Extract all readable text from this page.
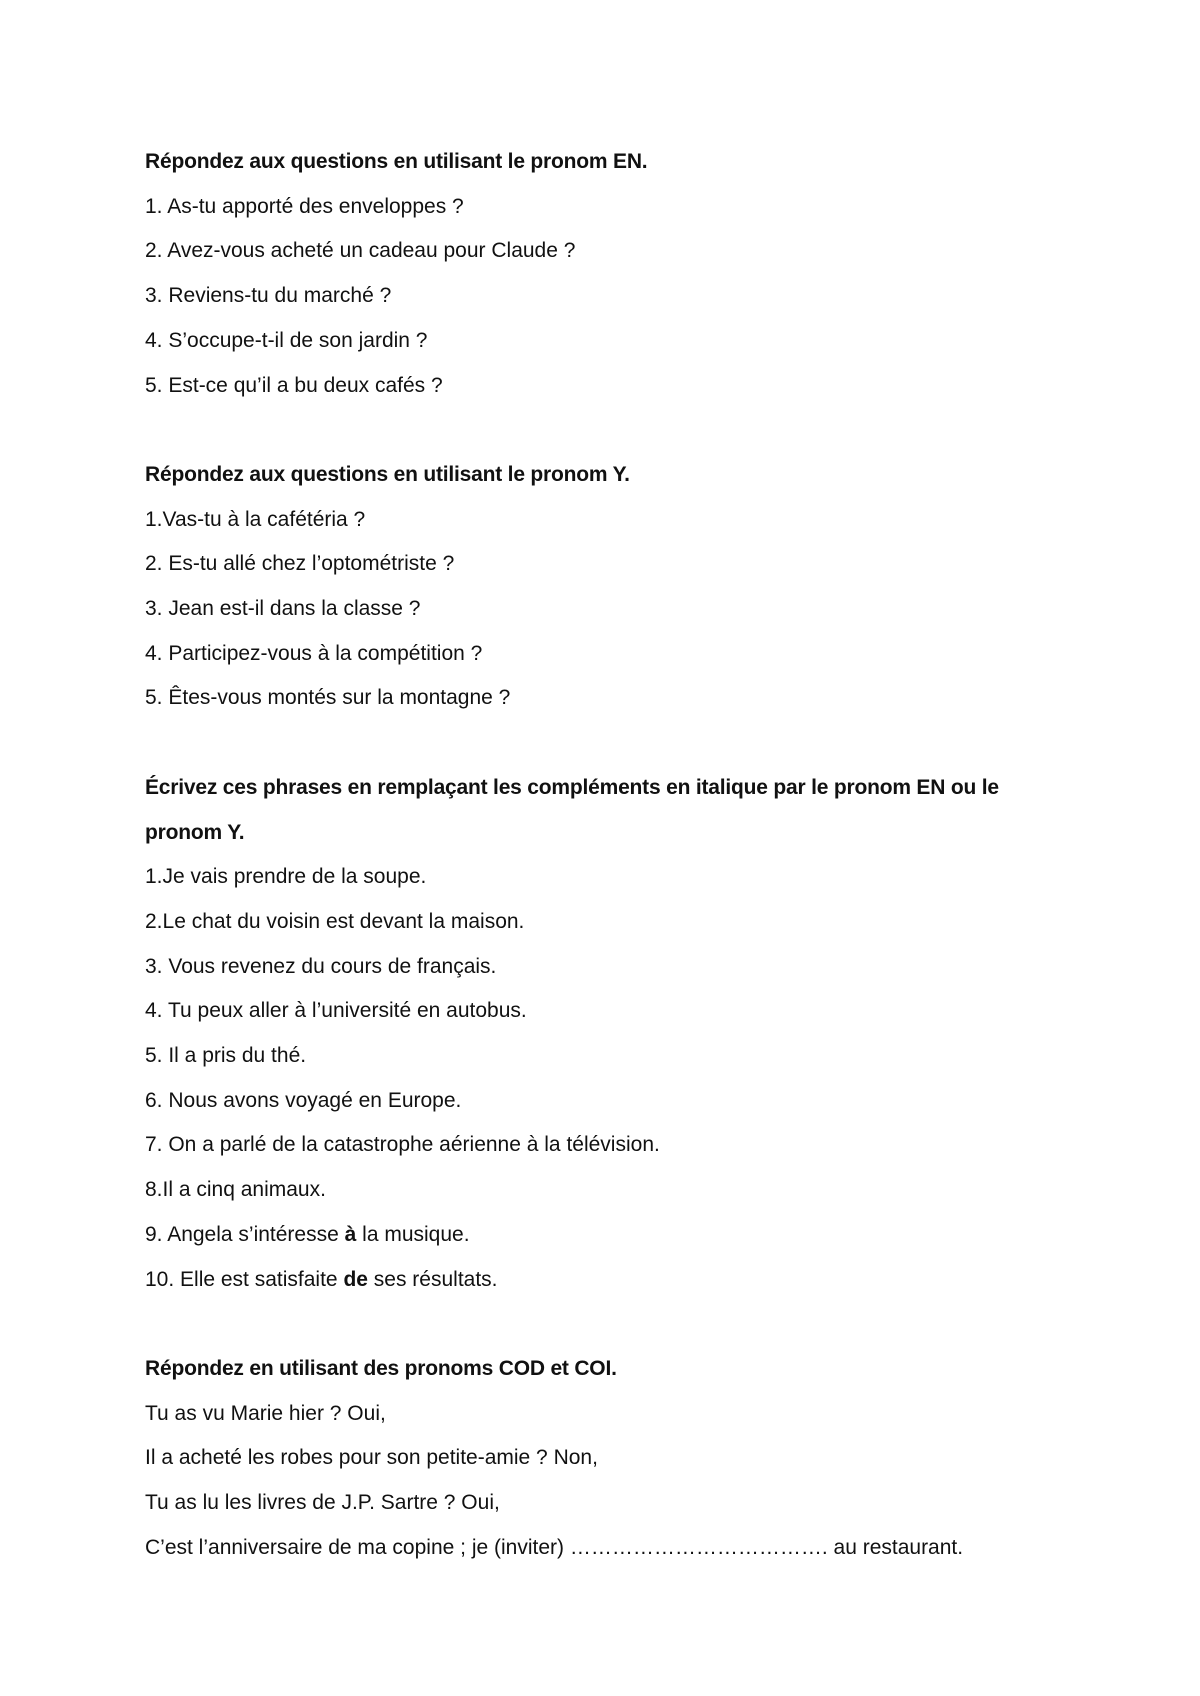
Répondez aux questions en utilisant le pronom EN.
1. As-tu apporté des enveloppes ?
2. Avez-vous acheté un cadeau pour Claude ?
3. Reviens-tu du marché ?
4. S’occupe-t-il de son jardin ?
5. Est-ce qu’il a bu deux cafés ?
Répondez aux questions en utilisant le pronom Y.
1.Vas-tu à la cafétéria ?
2. Es-tu allé chez l’optométriste ?
3. Jean est-il dans la classe ?
4. Participez-vous à la compétition ?
5. Êtes-vous montés sur la montagne ?
Écrivez ces phrases en remplaçant les compléments en italique par le pronom EN ou le pronom Y.
1.Je vais prendre de la soupe.
2.Le chat du voisin est devant la maison.
3. Vous revenez du cours de français.
4. Tu peux aller à l’université en autobus.
5. Il a pris du thé.
6. Nous avons voyagé en Europe.
7. On a parlé de la catastrophe aérienne à la télévision.
8.Il a cinq animaux.
9. Angela s’intéresse à la musique.
10. Elle est satisfaite de ses résultats.
Répondez en utilisant des pronoms COD et COI.
Tu as vu Marie hier ? Oui,
Il a acheté les robes pour son petite-amie ? Non,
Tu as lu les livres de J.P. Sartre ? Oui,
C’est l’anniversaire de ma copine ; je (inviter) ………………………………. au restaurant.
